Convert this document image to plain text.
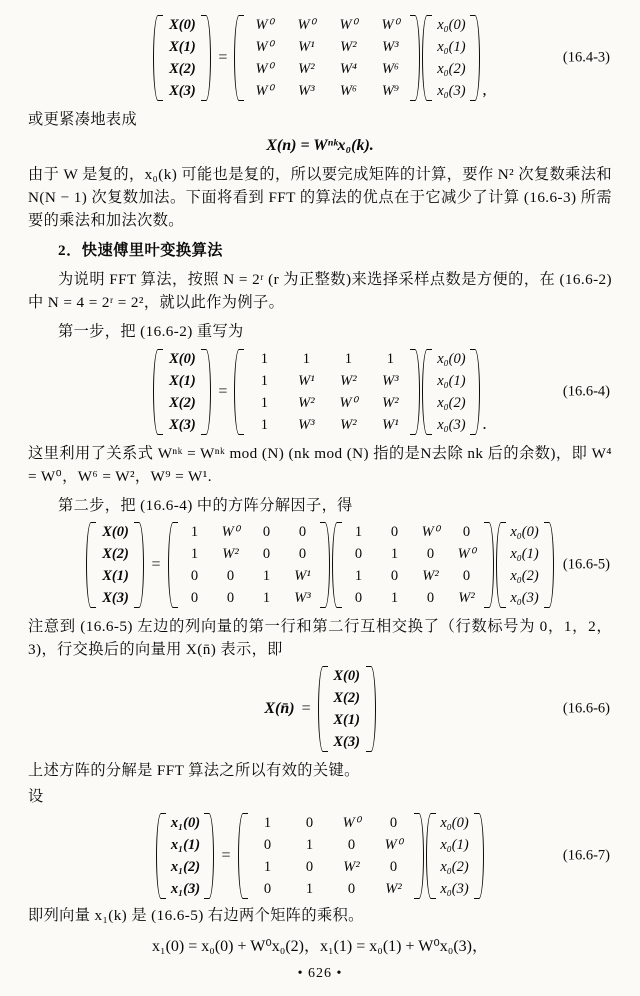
X(0)
X(1)
X(2)
X(3)
=
W⁰	W⁰	W⁰	W⁰
W⁰	W¹	W²	W³
W⁰	W²	W⁴	W⁶
W⁰	W³	W⁶	W⁹
x₀(0)
x₀(1)
x₀(2)
x₀(3) ,
(16.4-3)
或更紧凑地表成
X(n) = Wⁿᵏx₀(k).
由于 W 是复的，x₀(k) 可能也是复的，所以要完成矩阵的计算，要作 N² 次复数乘法和 N(N − 1) 次复数加法。下面将看到 FFT 的算法的优点在于它减少了计算 (16.6-3) 所需要的乘法和加法次数。
2．快速傅里叶变换算法
为说明 FFT 算法，按照 N = 2ʳ (r 为正整数)来选择采样点数是方便的，在 (16.6-2) 中 N = 4 = 2ʳ = 2²，就以此作为例子。
第一步，把 (16.6-2) 重写为
X(0)
X(1)
X(2)
X(3)
=
1	1	1	1
1	W¹	W²	W³
1	W²	W⁰	W²
1	W³	W²	W¹
x₀(0)
x₀(1)
x₀(2)
x₀(3) .
(16.6-4)
这里利用了关系式 Wⁿᵏ = Wⁿᵏ mod (N) (nk mod (N) 指的是N去除 nk 后的余数)，即 W⁴ = W⁰，W⁶ = W²，W⁹ = W¹.
第二步，把 (16.6-4) 中的方阵分解因子，得
X(0)
X(2)
X(1)
X(3)
=
1	W⁰	0	0
1	W²	0	0
0	0	1	W¹
0	0	1	W³
1	0	W⁰	0
0	1	0	W⁰
1	0	W²	0
0	1	0	W²
x₀(0)
x₀(1)
x₀(2)
x₀(3)
(16.6-5)
注意到 (16.6-5) 左边的列向量的第一行和第二行互相交换了（行数标号为 0，1，2，3)，行交换后的向量用 X(n̄) 表示，即
X(n̄) =
X(0)
X(2)
X(1)
X(3)
(16.6-6)
上述方阵的分解是 FFT 算法之所以有效的关键。
设
x₁(0)
x₁(1)
x₁(2)
x₁(3)
=
1	0	W⁰	0
0	1	0	W⁰
1	0	W²	0
0	1	0	W²
x₀(0)
x₀(1)
x₀(2)
x₀(3)
(16.6-7)
即列向量 x₁(k) 是 (16.6-5) 右边两个矩阵的乘积。
x₁(0) = x₀(0) + W⁰x₀(2)，x₁(1) = x₀(1) + W⁰x₀(3)，
• 626 •
